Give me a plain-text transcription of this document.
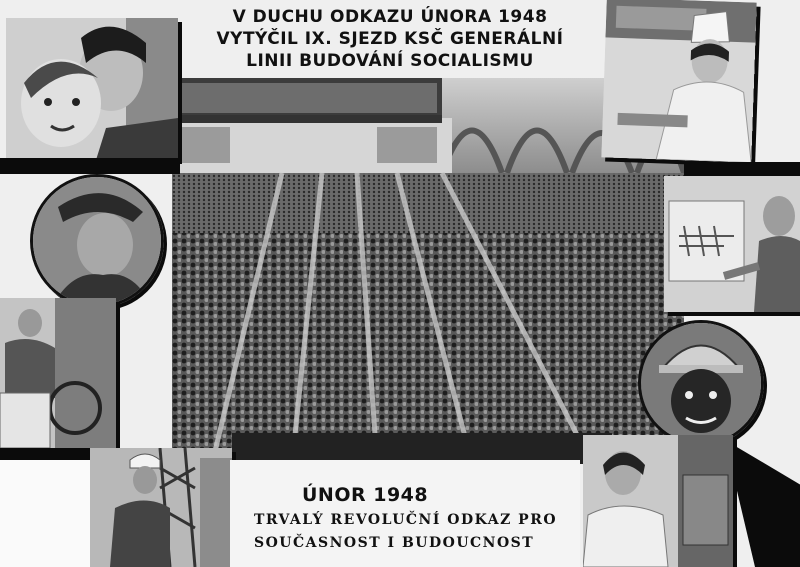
V DUCHU ODKAZU ÚNORA 1948
VYTÝČIL IX. SJEZD KSČ GENERÁLNÍ
LINII BUDOVÁNÍ SOCIALISMU
ÚNOR 1948
TRVALÝ REVOLUČNÍ ODKAZ PRO
SOUČASNOST I BUDOUCNOST
